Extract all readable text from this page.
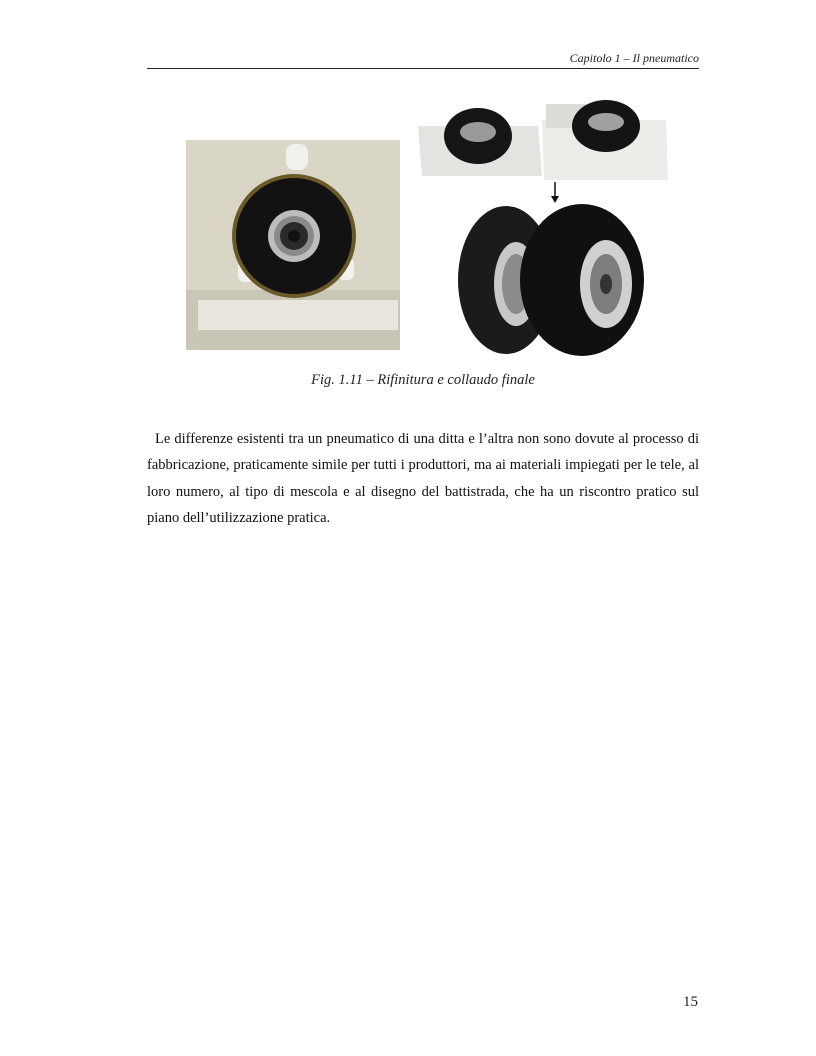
Capitolo 1 – Il pneumatico
Fig. 1.11 – Rifinitura e collaudo finale

Le differenze esistenti tra un pneumatico di una ditta e l’altra non sono dovute al processo di fabbricazione, praticamente simile per tutti i produttori, ma ai materiali impiegati per le tele, al loro numero, al tipo di mescola e al disegno del battistrada, che ha un riscontro pratico sul piano dell’utilizzazione pratica.

15
